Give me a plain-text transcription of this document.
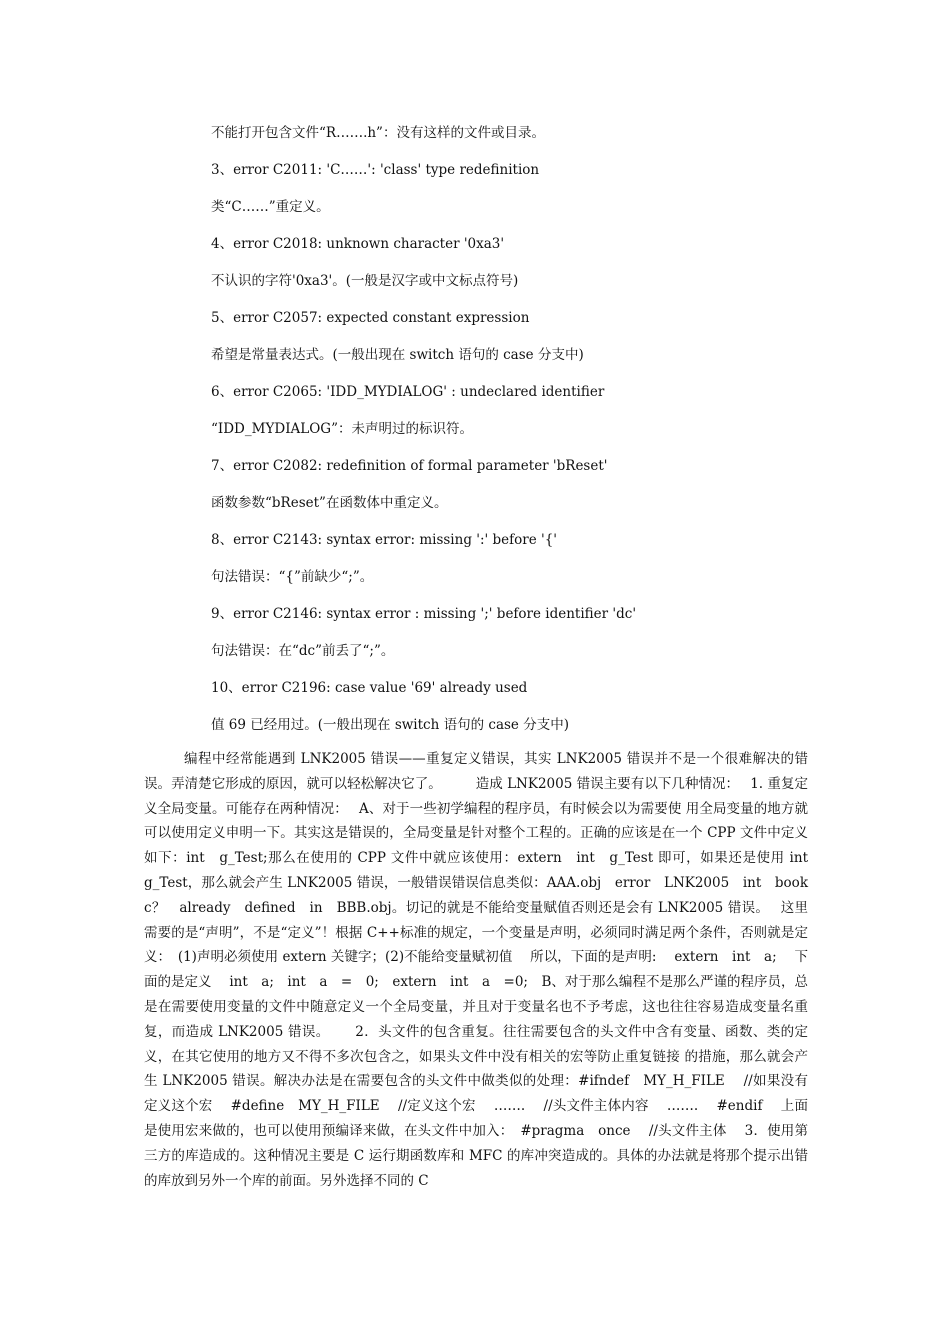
不能打开包含文件“R…….h”：没有这样的文件或目录。
3、error C2011: 'C……': 'class' type redefinition
类“C……”重定义。
4、error C2018: unknown character '0xa3'
不认识的字符'0xa3'。(一般是汉字或中文标点符号)
5、error C2057: expected constant expression
希望是常量表达式。(一般出现在 switch 语句的 case 分支中)
6、error C2065: 'IDD_MYDIALOG' : undeclared identifier
“IDD_MYDIALOG”：未声明过的标识符。
7、error C2082: redefinition of formal parameter 'bReset'
函数参数“bReset”在函数体中重定义。
8、error C2143: syntax error: missing ':' before '{'
句法错误：“{”前缺少“;”。
9、error C2146: syntax error : missing ';' before identifier 'dc'
句法错误：在“dc”前丢了“;”。
10、error C2196: case value '69' already used
值 69 已经用过。(一般出现在 switch 语句的 case 分支中)
编程中经常能遇到 LNK2005 错误——重复定义错误，其实 LNK2005 错误并不是一个很难解决的错误。弄清楚它形成的原因，就可以轻松解决它了。　　　造成 LNK2005 错误主要有以下几种情况：　 1. 重复定义全局变量。可能存在两种情况：　 A、对于一些初学编程的程序员，有时候会以为需要使 用全局变量的地方就可以使用定义申明一下。其实这是错误的，全局变量是针对整个工程的。正确的应该是在一个 CPP 文件中定义如下：int　g_Test;那么在使用的 CPP 文件中就应该使用：extern　int　g_Test 即可，如果还是使用 int　g_Test，那么就会产生 LNK2005 错误，一般错误错误信息类似：AAA.obj　error　LNK2005　int　book　c？　already　defined　in　BBB.obj。切记的就是不能给变量赋值否则还是会有 LNK2005 错误。　 这里需要的是“声明”，不是“定义”！根据 C++标准的规定，一个变量是声明，必须同时满足两个条件，否则就是定义：　(1)声明必须使用 extern 关键字；(2)不能给变量赋初值　 所以，下面的是声明:　 extern　int　a;　 下面的是定义　 int　a;　int　a　=　0;　extern　int　a　=0;　B、对于那么编程不是那么严谨的程序员，总是在需要使用变量的文件中随意定义一个全局变量，并且对于变量名也不予考虑，这也往往容易造成变量名重复，而造成 LNK2005 错误。　　 2．头文件的包含重复。往往需要包含的头文件中含有变量、函数、类的定义，在其它使用的地方又不得不多次包含之，如果头文件中没有相关的宏等防止重复链接 的措施，那么就会产生 LNK2005 错误。解决办法是在需要包含的头文件中做类似的处理：#ifndef　MY_H_FILE　 //如果没有定义这个宏　 #define　MY_H_FILE　 //定义这个宏　 …….　 //头文件主体内容　 …….　 #endif　 上面是使用宏来做的，也可以使用预编译来做，在头文件中加入：　#pragma　once　 //头文件主体　 3．使用第三方的库造成的。这种情况主要是 C 运行期函数库和 MFC 的库冲突造成的。具体的办法就是将那个提示出错的库放到另外一个库的前面。另外选择不同的 C
